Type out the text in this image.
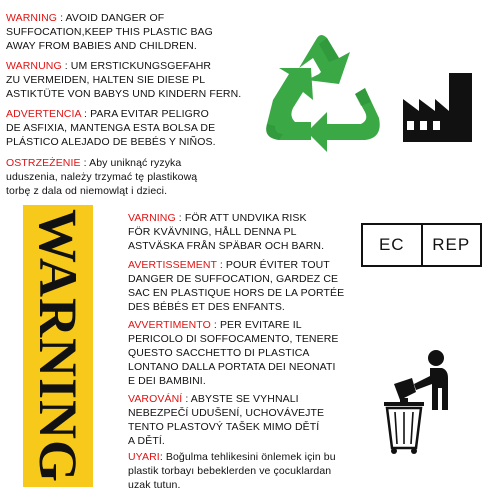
WARNING : AVOID DANGER OF
SUFFOCATION,KEEP THIS PLASTIC BAG
AWAY FROM BABIES AND CHILDREN.
WARNUNG : UM ERSTICKUNGSGEFAHR
ZU VERMEIDEN, HALTEN SIE DIESE PL
ASTIKTÜTE VON BABYS UND KINDERN FERN.
ADVERTENCIA : PARA EVITAR PELIGRO
DE ASFIXIA, MANTENGA ESTA BOLSA DE
PLÁSTICO ALEJADO DE BEBÉS Y NIÑOS.
OSTRZEŻENIE : Aby uniknąć ryzyka
uduszenia, należy trzymać tę plastikową
torbę z dala od niemowląt i dzieci.
WARNING	VARNING : FÖR ATT UNDVIKA RISK
FÖR KVÄVNING, HÅLL DENNA PL
ASTVÄSKA FRÅN SPÄBAR OCH BARN.
AVERTISSEMENT : POUR ÉVITER TOUT
DANGER DE SUFFOCATION, GARDEZ CE
SAC EN PLASTIQUE HORS DE LA PORTÉE
DES BÉBÉS ET DES ENFANTS.
AVVERTIMENTO : PER EVITARE IL
PERICOLO DI SOFFOCAMENTO, TENERE
QUESTO SACCHETTO DI PLASTICA
LONTANO DALLA PORTATA DEI NEONATI
E DEI BAMBINI.
VAROVÁNÍ : ABYSTE SE VYHNALI
NEBEZPEČÍ UDUŠENÍ, UCHOVÁVEJTE
TENTO PLASTOVÝ TAŠEK MIMO DĚTÍ
A DĚTÍ.
UYARI: Boğulma tehlikesini önlemek için bu
plastik torbayı bebeklerden ve çocuklardan
uzak tutun.
EC	REP
